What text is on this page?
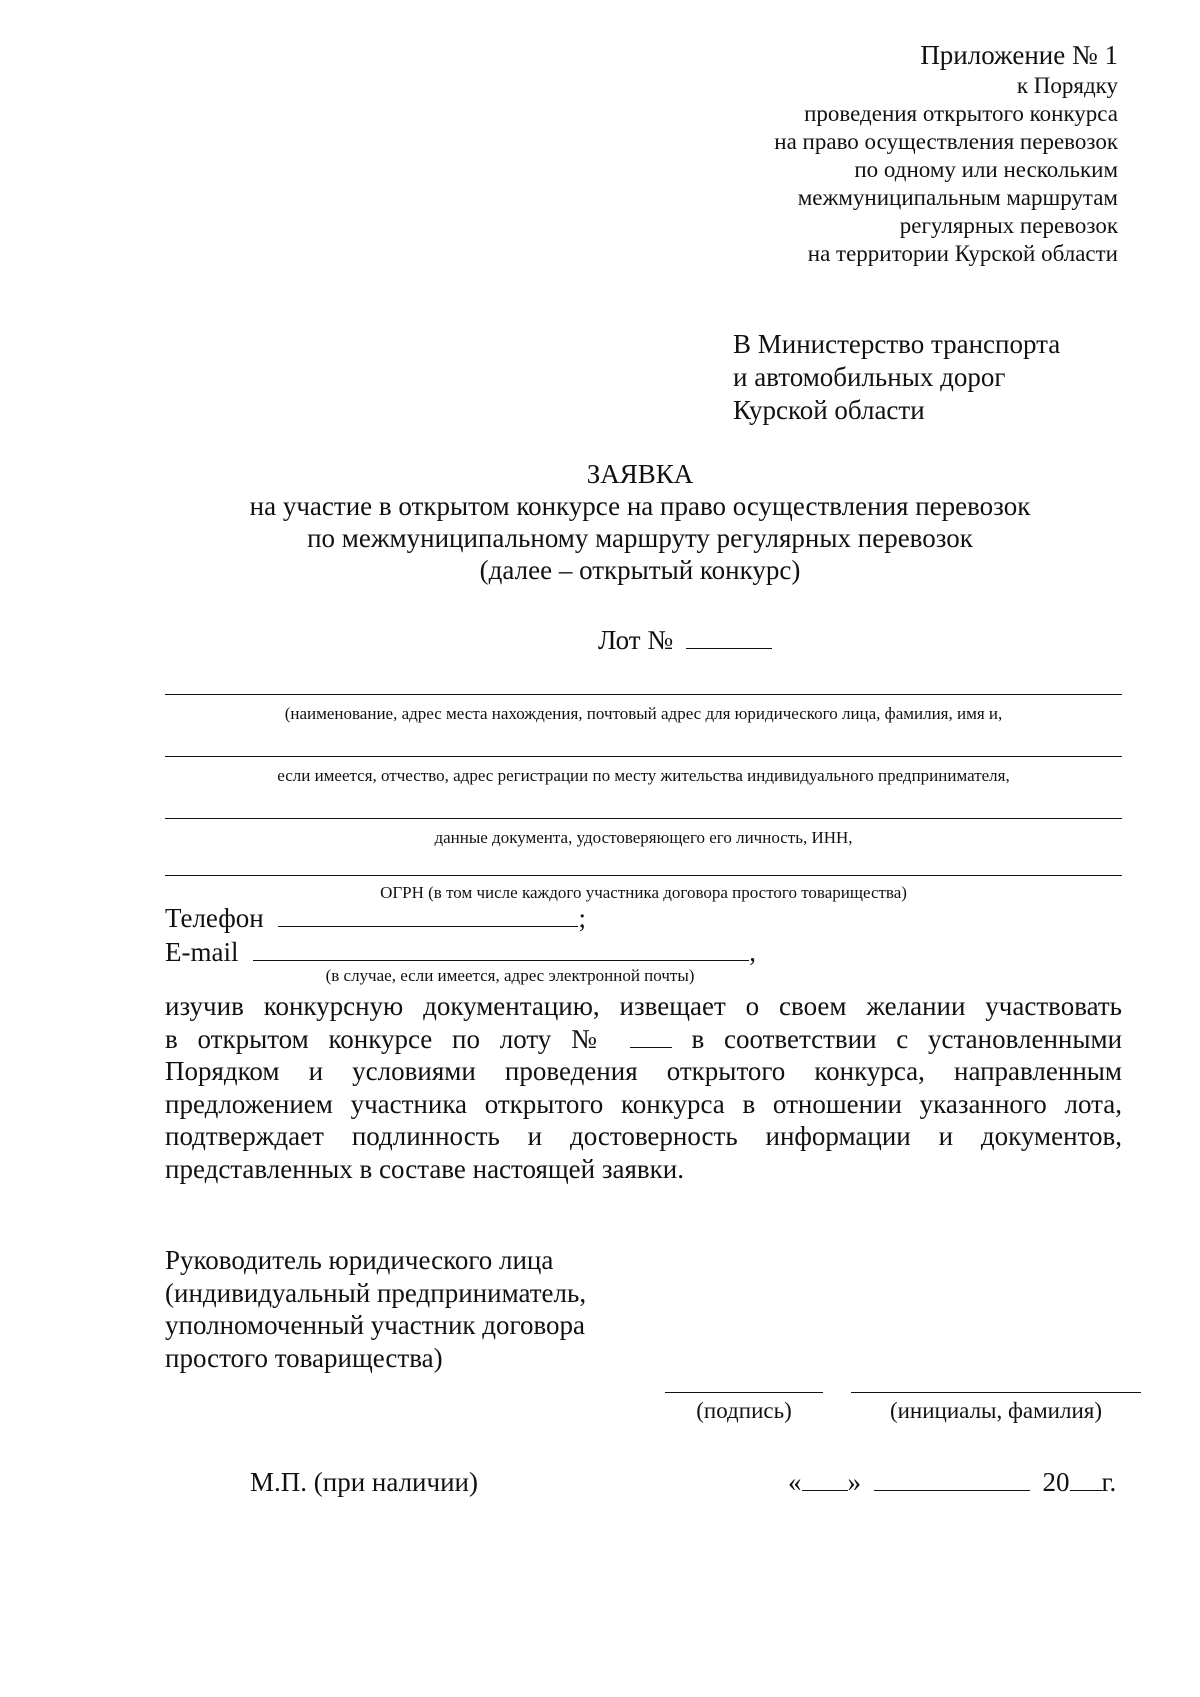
Приложение № 1
к Порядку
проведения открытого конкурса
на право осуществления перевозок
по одному или нескольким
межмуниципальным маршрутам
регулярных перевозок
на территории Курской области
В Министерство транспорта
и автомобильных дорог
Курской области
ЗАЯВКА
на участие в открытом конкурсе на право осуществления перевозок
по межмуниципальному маршруту регулярных перевозок
(далее – открытый конкурс)
Лот №
(наименование, адрес места нахождения, почтовый адрес для юридического лица, фамилия, имя и,
если имеется, отчество, адрес регистрации по месту жительства индивидуального предпринимателя,
данные документа, удостоверяющего его личность, ИНН,
ОГРН (в том числе каждого участника договора простого товарищества)
Телефон	;
E-mail	,
(в случае, если имеется, адрес электронной почты)
изучив конкурсную документацию, извещает о своем желании участвовать
в открытом конкурсе по лоту №	в соответствии с установленными
Порядком и условиями проведения открытого конкурса, направленным
предложением участника открытого конкурса в отношении указанного лота,
подтверждает подлинность и достоверность информации и документов,
представленных в составе настоящей заявки.
Руководитель юридического лица
(индивидуальный предприниматель,
уполномоченный участник договора
простого товарищества)
(подпись)	(инициалы, фамилия)
М.П. (при наличии)	« »	20 г.
